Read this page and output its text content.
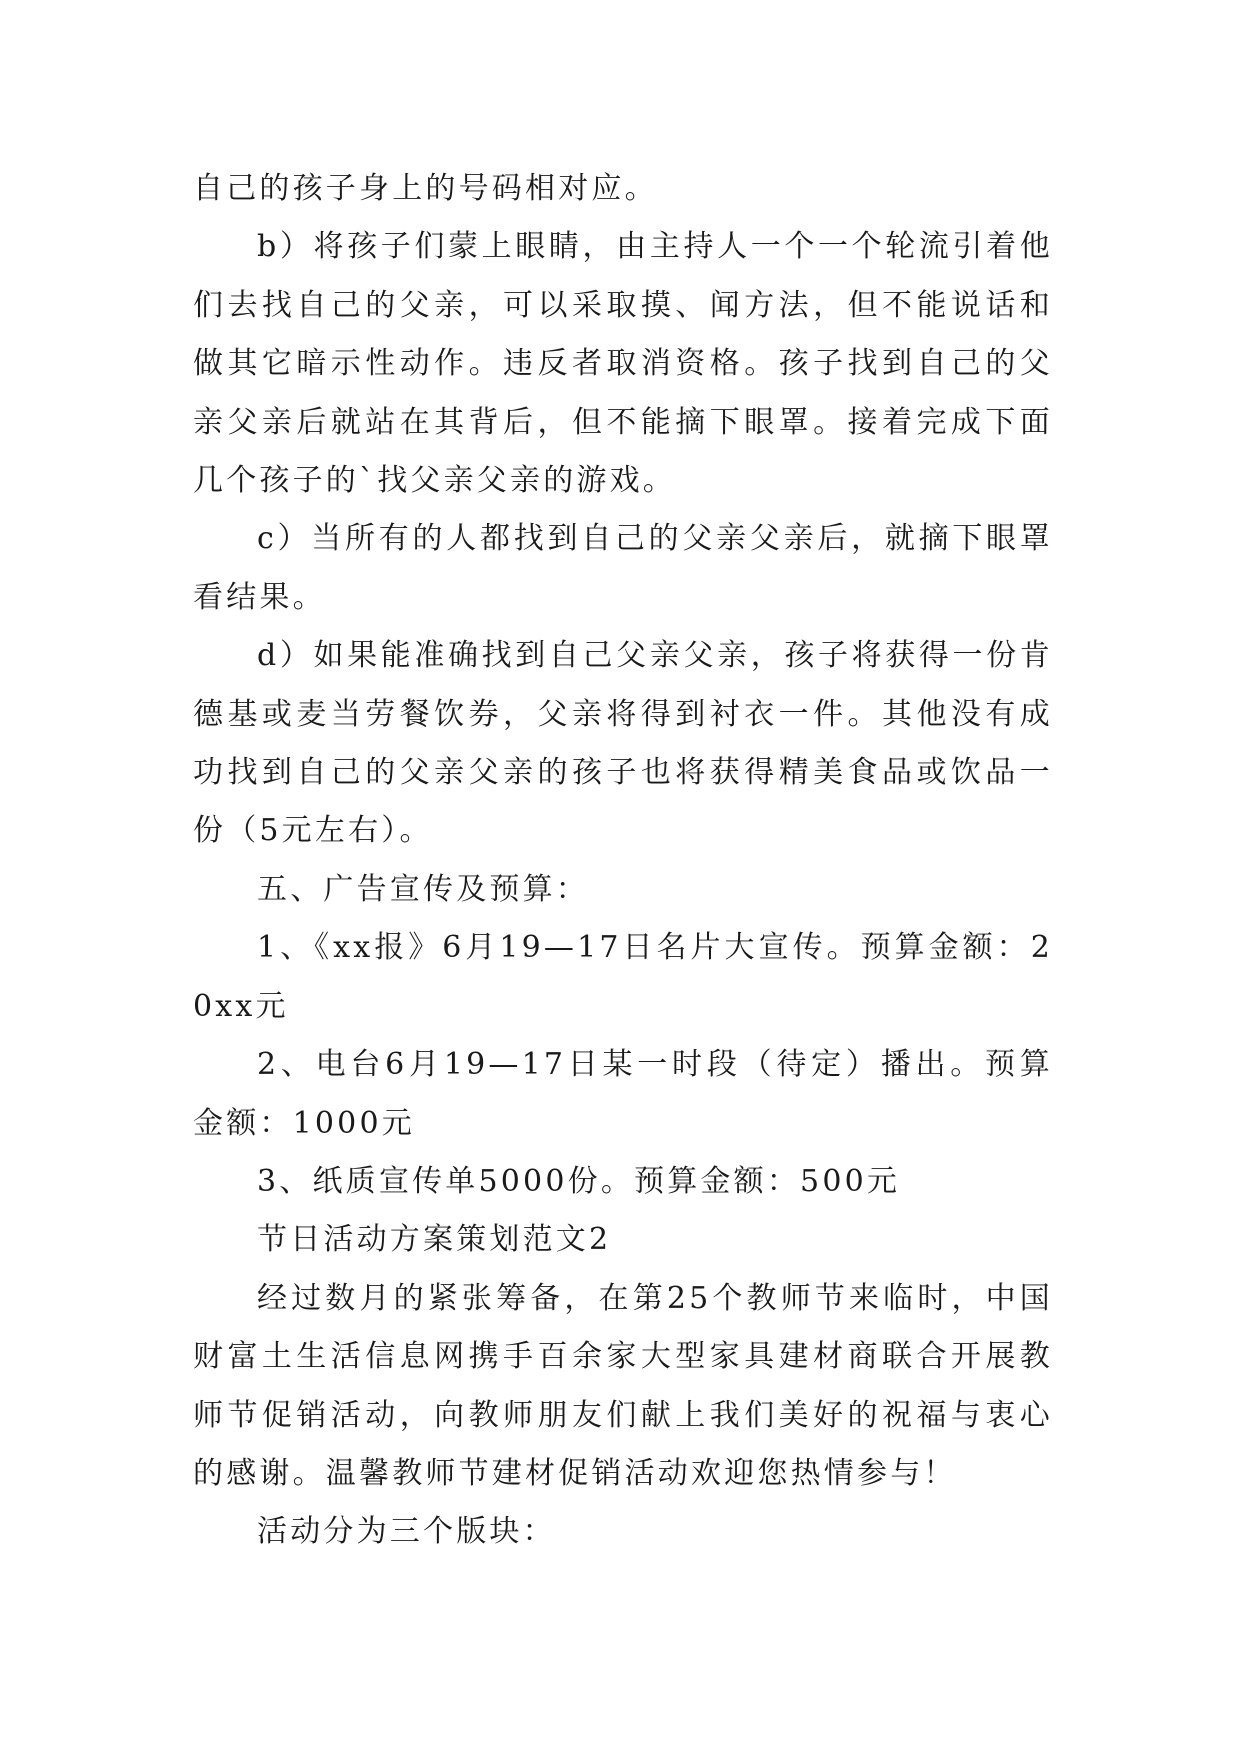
自己的孩子身上的号码相对应。

b）将孩子们蒙上眼睛，由主持人一个一个轮流引着他们去找自己的父亲，可以采取摸、闻方法，但不能说话和做其它暗示性动作。违反者取消资格。孩子找到自己的父亲父亲后就站在其背后，但不能摘下眼罩。接着完成下面几个孩子的`找父亲父亲的游戏。

c）当所有的人都找到自己的父亲父亲后，就摘下眼罩看结果。

d）如果能准确找到自己父亲父亲，孩子将获得一份肯德基或麦当劳餐饮券，父亲将得到衬衣一件。其他没有成功找到自己的父亲父亲的孩子也将获得精美食品或饮品一份（5元左右）。

五、广告宣传及预算：

1、《xx报》6月19—17日名片大宣传。预算金额：20xx元

2、电台6月19—17日某一时段（待定）播出。预算金额：1000元

3、纸质宣传单5000份。预算金额：500元

节日活动方案策划范文2

经过数月的紧张筹备，在第25个教师节来临时，中国财富土生活信息网携手百余家大型家具建材商联合开展教师节促销活动，向教师朋友们献上我们美好的祝福与衷心的感谢。温馨教师节建材促销活动欢迎您热情参与！

活动分为三个版块：
